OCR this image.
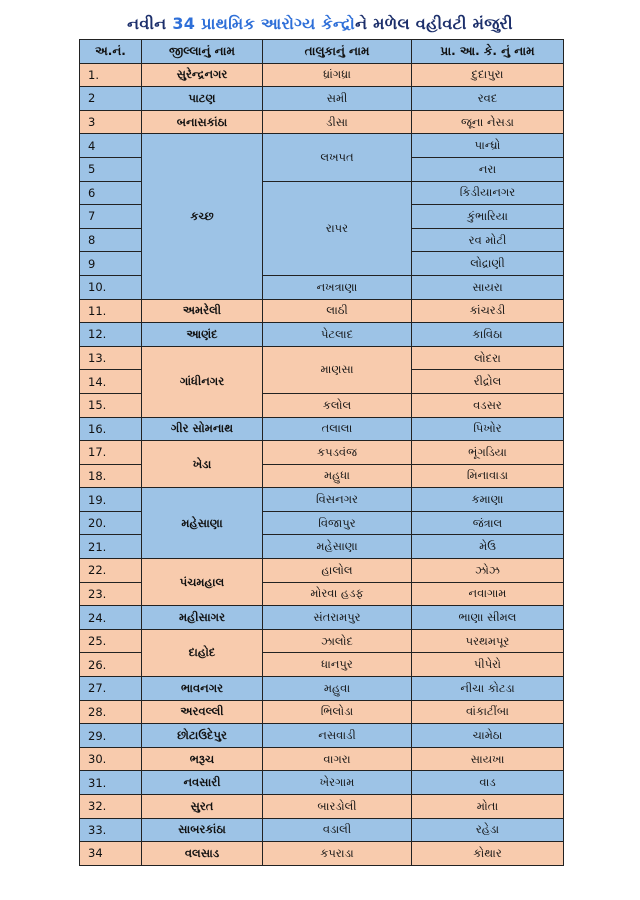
નવીન 34 પ્રાથમિક આરોગ્ય કેન્દ્રોને મળેલ વહીવટી મંજુરી
અ.નં.	જીલ્લાનું નામ	તાલુકાનું નામ	પ્રા. આ. કે. નું નામ
1.	સુરેન્દ્રનગર	ધ્રાંગધ્રા	દુદાપુરા
2	પાટણ	સમી	રવદ
3	બનાસકાંઠા	ડીસા	જૂના નેસડા
4	કચ્છ	લખપત	પાન્ધ્રો
5			નરા
6		રાપર	કિડીયાનગર
7			કુંભારિયા
8			રવ મોટી
9			લોદ્રાણી
10.		નખત્રાણા	સાયરા
11.	અમરેલી	લાઠી	કાંચરડી
12.	આણંદ	પેટલાદ	કાવિઠા
13.	ગાંધીનગર	માણસા	લોદરા
14.			રીદ્રોલ
15.		કલોલ	વડસર
16.	ગીર સોમનાથ	તલાલા	પિખોર
17.	ખેડા	કપડવંજ	ભૂંગડિયા
18.		મહુધા	મિનાવાડા
19.	મહેસાણા	વિસનગર	કમાણા
20.		વિજાપુર	જંત્રાલ
21.		મહેસાણા	મેઉ
22.	પંચમહાલ	હાલોલ	ઝોઝ
23.		મોરવા હડફ	નવાગામ
24.	મહીસાગર	સંતરામપુર	ભાણા સીમલ
25.	દાહોદ	ઝાલોદ	પરથમપૂર
26.		ધાનપુર	પીપેરો
27.	ભાવનગર	મહુવા	નીચા કોટડા
28.	અરવલ્લી	ભિલોડા	વાંકાટીંબા
29.	છોટાઉદેપુર	નસવાડી	ચામેઠા
30.	ભરૂચ	વાગરા	સાયખા
31.	નવસારી	ખેરગામ	વાડ
32.	સુરત	બારડોલી	મોતા
33.	સાબરકાંઠા	વડાલી	રહેડા
34	વલસાડ	કપરાડા	કોથાર
